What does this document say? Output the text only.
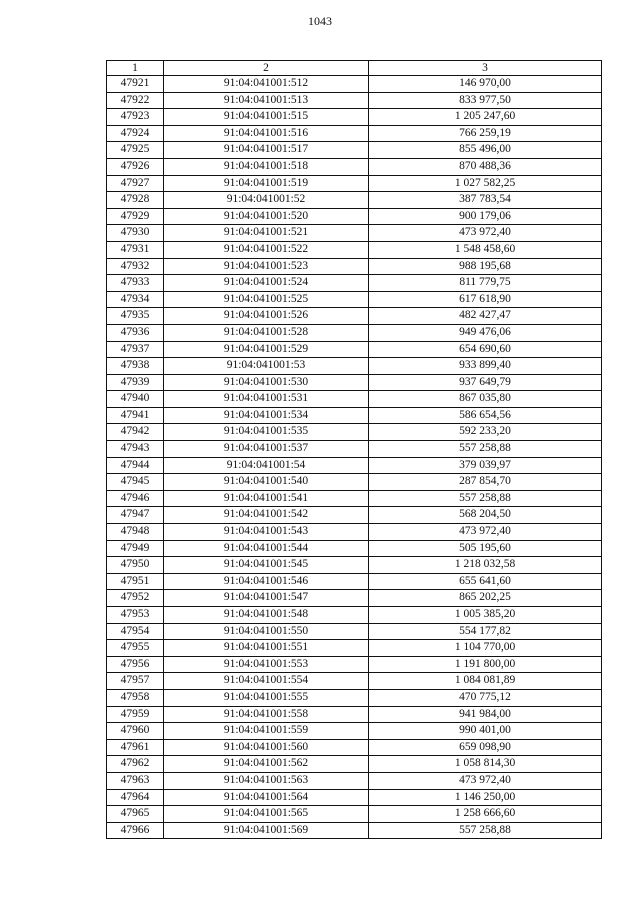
1043
1	2	3
47921	91:04:041001:512	146 970,00
47922	91:04:041001:513	833 977,50
47923	91:04:041001:515	1 205 247,60
47924	91:04:041001:516	766 259,19
47925	91:04:041001:517	855 496,00
47926	91:04:041001:518	870 488,36
47927	91:04:041001:519	1 027 582,25
47928	91:04:041001:52	387 783,54
47929	91:04:041001:520	900 179,06
47930	91:04:041001:521	473 972,40
47931	91:04:041001:522	1 548 458,60
47932	91:04:041001:523	988 195,68
47933	91:04:041001:524	811 779,75
47934	91:04:041001:525	617 618,90
47935	91:04:041001:526	482 427,47
47936	91:04:041001:528	949 476,06
47937	91:04:041001:529	654 690,60
47938	91:04:041001:53	933 899,40
47939	91:04:041001:530	937 649,79
47940	91:04:041001:531	867 035,80
47941	91:04:041001:534	586 654,56
47942	91:04:041001:535	592 233,20
47943	91:04:041001:537	557 258,88
47944	91:04:041001:54	379 039,97
47945	91:04:041001:540	287 854,70
47946	91:04:041001:541	557 258,88
47947	91:04:041001:542	568 204,50
47948	91:04:041001:543	473 972,40
47949	91:04:041001:544	505 195,60
47950	91:04:041001:545	1 218 032,58
47951	91:04:041001:546	655 641,60
47952	91:04:041001:547	865 202,25
47953	91:04:041001:548	1 005 385,20
47954	91:04:041001:550	554 177,82
47955	91:04:041001:551	1 104 770,00
47956	91:04:041001:553	1 191 800,00
47957	91:04:041001:554	1 084 081,89
47958	91:04:041001:555	470 775,12
47959	91:04:041001:558	941 984,00
47960	91:04:041001:559	990 401,00
47961	91:04:041001:560	659 098,90
47962	91:04:041001:562	1 058 814,30
47963	91:04:041001:563	473 972,40
47964	91:04:041001:564	1 146 250,00
47965	91:04:041001:565	1 258 666,60
47966	91:04:041001:569	557 258,88
